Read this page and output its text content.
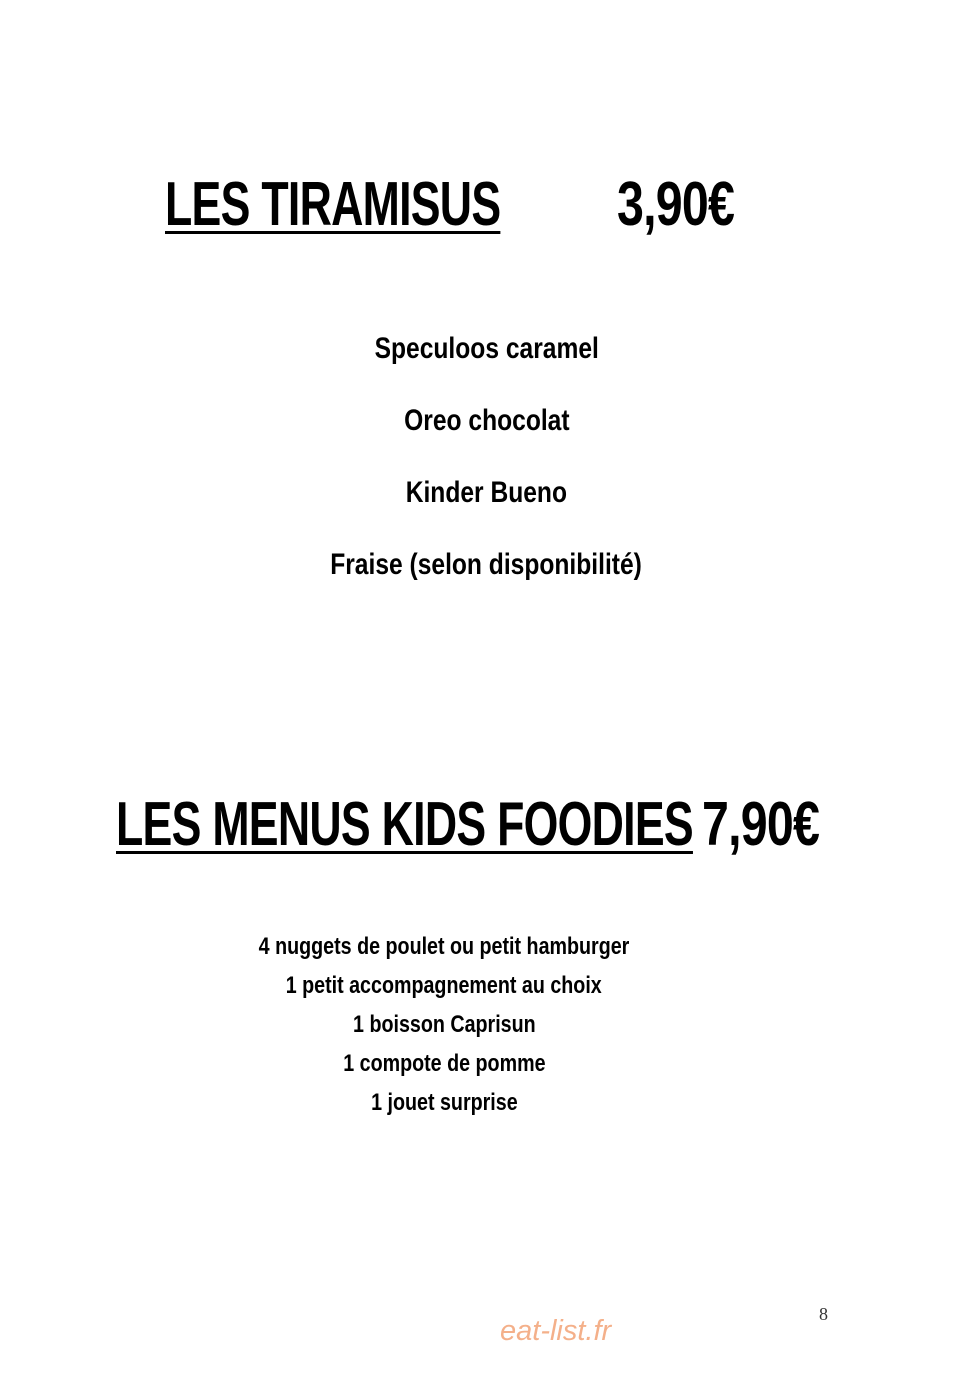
LES TIRAMISUS 3,90€
Speculoos caramel
Oreo chocolat
Kinder Bueno
Fraise (selon disponibilité)
LES MENUS KIDS FOODIES 7,90€
4 nuggets de poulet ou petit hamburger
1 petit accompagnement au choix
1 boisson Caprisun
1 compote de pomme
1 jouet surprise
eat-list.fr
8
